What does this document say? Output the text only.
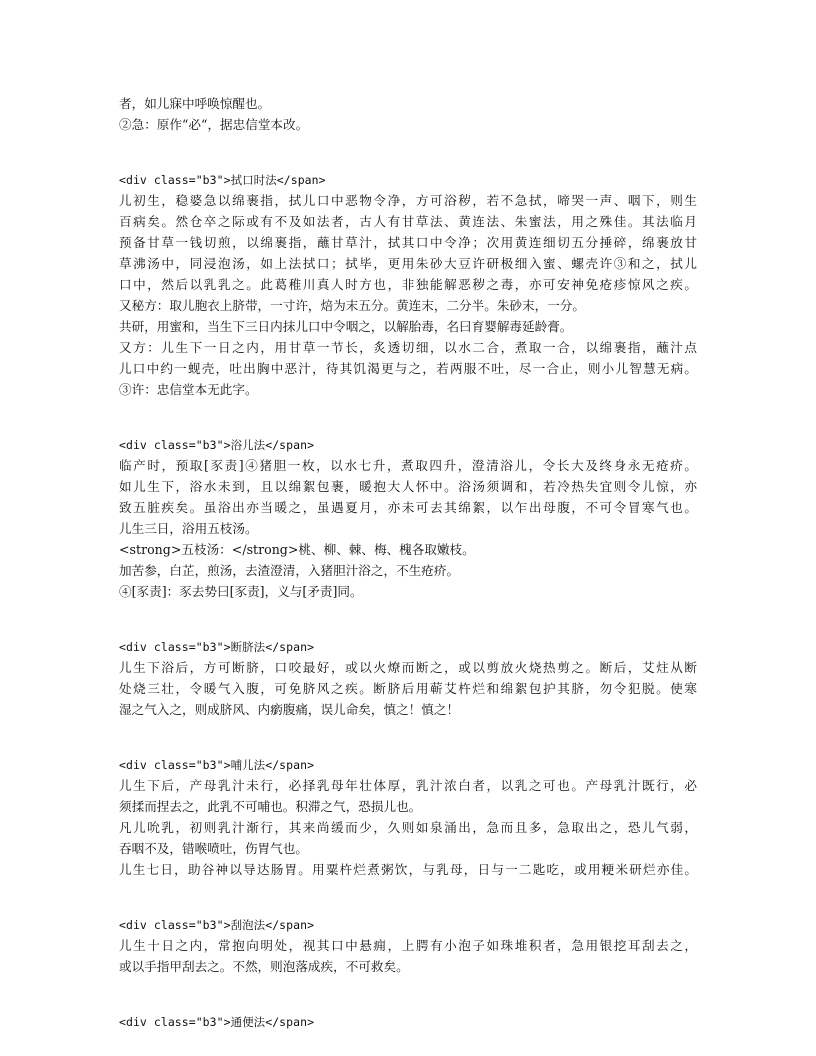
者，如儿寐中呼唤惊醒也。
②急：原作“必“，据忠信堂本改。
<div class="b3">拭口时法</span>
儿初生，稳婆急以绵裹指，拭儿口中恶物令净，方可浴秽，若不急拭，啼哭一声、咽下，则生
百病矣。然仓卒之际或有不及如法者，古人有甘草法、黄连法、朱蜜法，用之殊佳。其法临月
预备甘草一钱切煎，以绵裹指，蘸甘草汁，拭其口中令净；次用黄连细切五分捶碎，绵裹放甘
草沸汤中，同浸泡汤，如上法拭口；拭毕，更用朱砂大豆许研极细入蜜、螺壳许③和之，拭儿
口中，然后以乳乳之。此葛稚川真人时方也，非独能解恶秽之毒，亦可安神免疮疹惊风之疾。
又秘方：取儿胞衣上脐带，一寸许，焙为末五分。黄连末，二分半。朱砂末，一分。
共研，用蜜和，当生下三日内抹儿口中令咽之，以解胎毒，名曰育婴解毒延龄膏。
又方：儿生下一日之内，用甘草一节长，炙透切细，以水二合，煮取一合，以绵裹指，蘸汁点
儿口中约一蚬壳，吐出胸中恶汁，待其饥渴更与之，若两服不吐，尽一合止，则小儿智慧无病。
③许：忠信堂本无此字。
<div class="b3">浴儿法</span>
临产时，预取[豕责]④猪胆一枚，以水七升，煮取四升，澄清浴儿，令长大及终身永无疮疥。
如儿生下，浴水未到，且以绵絮包裹，暖抱大人怀中。浴汤须调和，若冷热失宜则令儿惊，亦
致五脏疾矣。虽浴出亦当暖之，虽遇夏月，亦未可去其绵絮，以乍出母腹，不可令冒寒气也。
儿生三日，浴用五枝汤。
<strong>五枝汤：</strong>桃、柳、棘、梅、槐各取嫩枝。
加苦参，白芷，煎汤，去渣澄清，入猪胆汁浴之，不生疮疥。
④[豕责]：豕去势曰[豕责]，义与[矛责]同。
<div class="b3">断脐法</span>
儿生下浴后，方可断脐，口咬最好，或以火燎而断之，或以剪放火烧热剪之。断后，艾炷从断
处烧三壮，令暖气入腹，可免脐风之疾。断脐后用蕲艾杵烂和绵絮包护其脐，勿令犯脱。使寒
湿之气入之，则成脐风、内瘹腹痛，误儿命矣，慎之！慎之！
<div class="b3">哺儿法</span>
儿生下后，产母乳汁未行，必择乳母年壮体厚，乳汁浓白者，以乳之可也。产母乳汁既行，必
须揉而捏去之，此乳不可哺也。积滞之气，恐损儿也。
凡儿吮乳，初则乳汁渐行，其来尚缓而少，久则如泉涌出，急而且多，急取出之，恐儿气弱，
吞咽不及，错喉喷吐，伤胃气也。
儿生七日，助谷神以导达肠胃。用粟杵烂煮粥饮，与乳母，日与一二匙吃，或用粳米研烂亦佳。
<div class="b3">刮泡法</span>
儿生十日之内，常抱向明处，视其口中悬痈，上腭有小泡子如珠堆积者，急用银挖耳刮去之，
或以手指甲刮去之。不然，则泡落成疾，不可救矣。
<div class="b3">通便法</span>
